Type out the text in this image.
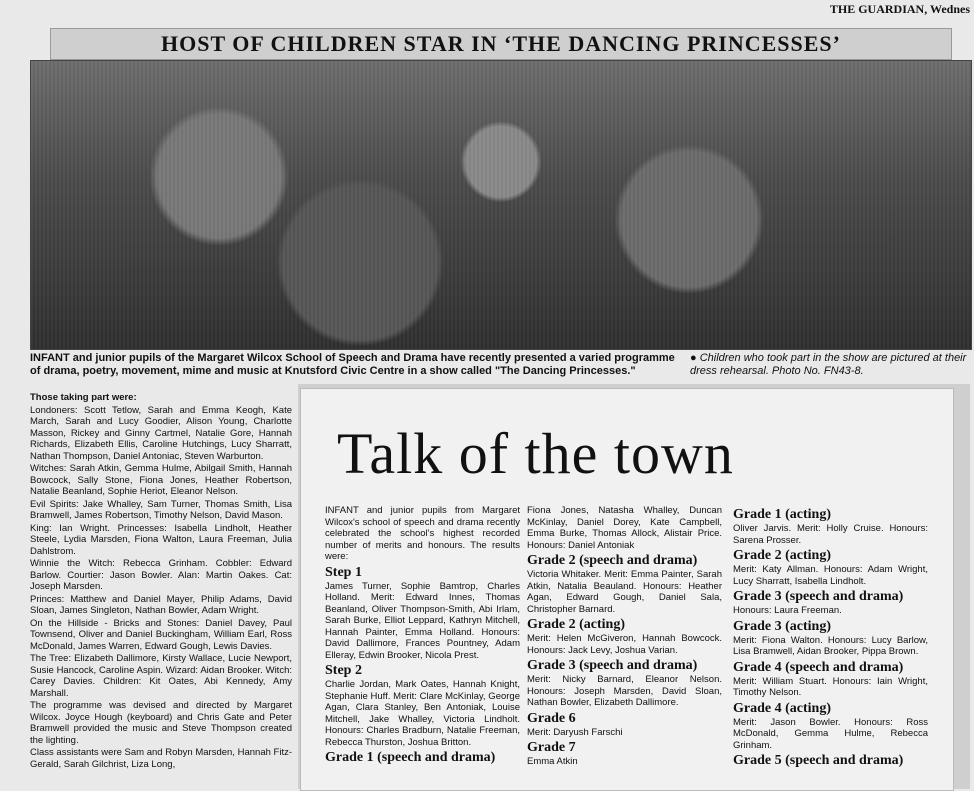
THE GUARDIAN, Wednes
HOST OF CHILDREN STAR IN ‘THE DANCING PRINCESSES’
INFANT and junior pupils of the Margaret Wilcox School of Speech and Drama have recently presented a varied programme of drama, poetry, movement, mime and music at Knutsford Civic Centre in a show called "The Dancing Princesses."
● Children who took part in the show are pictured at their dress rehearsal. Photo No. FN43-8.

Those taking part were:

Londoners: Scott Tetlow, Sarah and Emma Keogh, Kate March, Sarah and Lucy Goodier, Alison Young, Charlotte Masson, Rickey and Ginny Cartmel, Natalie Gore, Hannah Richards, Elizabeth Ellis, Caroline Hutchings, Lucy Sharratt, Nathan Thompson, Daniel Antoniac, Steven Warburton.

Witches: Sarah Atkin, Gemma Hulme, Abilgail Smith, Hannah Bowcock, Sally Stone, Fiona Jones, Heather Robertson, Natalie Beanland, Sophie Heriot, Eleanor Nelson.

Evil Spirits: Jake Whalley, Sam Turner, Thomas Smith, Lisa Bramwell, James Robertson, Timothy Nelson, David Mason.

King: Ian Wright. Princesses: Isabella Lindholt, Heather Steele, Lydia Marsden, Fiona Walton, Laura Freeman, Julia Dahlstrom.

Winnie the Witch: Rebecca Grinham. Cobbler: Edward Barlow. Courtier: Jason Bowler. Alan: Martin Oakes. Cat: Joseph Marsden.

Princes: Matthew and Daniel Mayer, Philip Adams, David Sloan, James Singleton, Nathan Bowler, Adam Wright.

On the Hillside - Bricks and Stones: Daniel Davey, Paul Townsend, Oliver and Daniel Buckingham, William Earl, Ross McDonald, James Warren, Edward Gough, Lewis Davies.

The Tree: Elizabeth Dallimore, Kirsty Wallace, Lucie Newport, Susie Hancock, Caroline Aspin. Wizard: Aidan Brooker. Witch: Carey Davies. Children: Kit Oates, Abi Kennedy, Amy Marshall.

The programme was devised and directed by Margaret Wilcox. Joyce Hough (keyboard) and Chris Gate and Peter Bramwell provided the music and Steve Thompson created the lighting.

Class assistants were Sam and Robyn Marsden, Hannah Fitz-Gerald, Sarah Gilchrist, Liza Long,

Talk of the town
INFANT and junior pupils from Margaret Wilcox's school of speech and drama recently celebrated the school's highest recorded number of merits and honours. The results were:
Step 1
James Turner, Sophie Bamtrop, Charles Holland. Merit: Edward Innes, Thomas Beanland, Oliver Thompson-Smith, Abi Irlam, Sarah Burke, Elliot Leppard, Kathryn Mitchell, Hannah Painter, Emma Holland. Honours: David Dallimore, Frances Pountney, Adam Elleray, Edwin Brooker, Nicola Prest.
Step 2
Charlie Jordan, Mark Oates, Hannah Knight, Stephanie Huff. Merit: Clare McKinlay, George Agan, Clara Stanley, Ben Antoniak, Louise Mitchell, Jake Whalley, Victoria Lindholt. Honours: Charles Bradburn, Natalie Freeman, Rebecca Thurston, Joshua Britton.
Grade 1 (speech and drama)
Fiona Jones, Natasha Whalley, Duncan McKinlay, Daniel Dorey, Kate Campbell, Emma Burke, Thomas Allock, Alistair Price. Honours: Daniel Antoniak
Grade 2 (speech and drama)
Victoria Whitaker. Merit: Emma Painter, Sarah Atkin, Natalia Beauland. Honours: Heather Agan, Edward Gough, Daniel Sala, Christopher Barnard.
Grade 2 (acting)
Merit: Helen McGiveron, Hannah Bowcock. Honours: Jack Levy, Joshua Varian.
Grade 3 (speech and drama)
Merit: Nicky Barnard, Eleanor Nelson. Honours: Joseph Marsden, David Sloan, Nathan Bowler, Elizabeth Dallimore.
Grade 6
Merit: Daryush Farschi
Grade 7
Emma Atkin
Grade 1 (acting)
Oliver Jarvis. Merit: Holly Cruise. Honours: Sarena Prosser.
Grade 2 (acting)
Merit: Katy Allman. Honours: Adam Wright, Lucy Sharratt, Isabella Lindholt.
Grade 3 (speech and drama)
Honours: Laura Freeman.
Grade 3 (acting)
Merit: Fiona Walton. Honours: Lucy Barlow, Lisa Bramwell, Aidan Brooker, Pippa Brown.
Grade 4 (speech and drama)
Merit: William Stuart. Honours: Iain Wright, Timothy Nelson.
Grade 4 (acting)
Merit: Jason Bowler. Honours: Ross McDonald, Gemma Hulme, Rebecca Grinham.
Grade 5 (speech and drama)
